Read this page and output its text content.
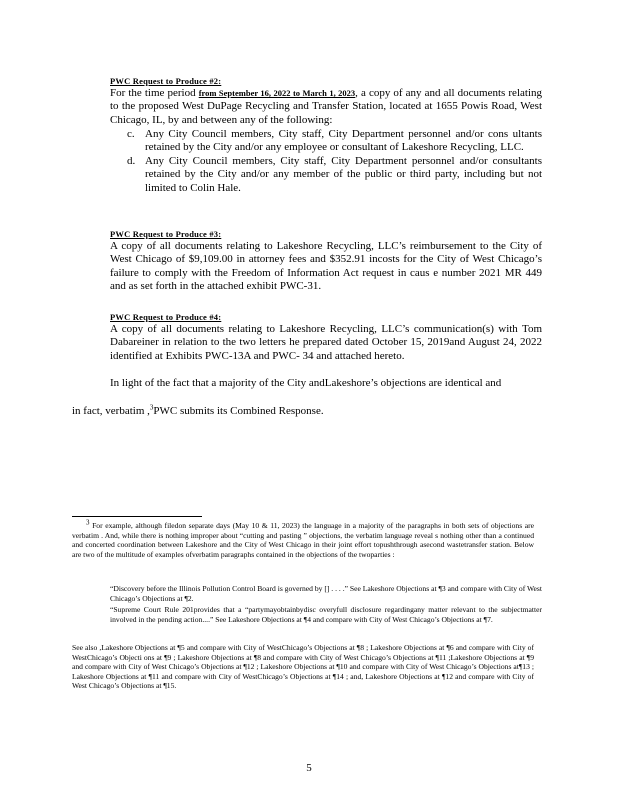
PWC Request to Produce #2:

For the time period from September 16, 2022 to March 1, 2023, a copy of any and all documents relating to the proposed West DuPage Recycling and Transfer Station, located at 1655 Powis Road, West Chicago, IL, by and between any of the following:

c. Any City Council members, City staff, City Department personnel and/or cons ultants retained by the City and/or any employee or consultant of Lakeshore Recycling, LLC.
d. Any City Council members, City staff, City Department personnel and/or consultants retained by the City and/or any member of the public or third party, including but not limited to Colin Hale.
PWC Request to Produce #3:

A copy of all documents relating to Lakeshore Recycling, LLC’s reimbursement to the City of West Chicago of $9,109.00 in attorney fees and $352.91 incosts for the City of West Chicago’s failure to comply with the Freedom of Information Act request in caus e number 2021 MR 449 and as set forth in the attached exhibit PWC-31.

PWC Request to Produce #4:

A copy of all documents relating to Lakeshore Recycling, LLC’s communication(s) with Tom Dabareiner in relation to the two letters he prepared dated October 15, 2019and August 24, 2022 identified at Exhibits PWC-13A and PWC- 34 and attached hereto.

In light of the fact that a majority of the City andLakeshore’s objections are identical and

in fact, verbatim ,$^3$PWC submits its Combined Response.

$^3$ For example, although filedon separate days (May 10 & 11, 2023) the language in a majority of the paragraphs in both sets of objections are verbatim . And, while there is nothing improper about “cutting and pasting ” objections, the verbatim language reveal s nothing other than a continued and concerted coordination between Lakeshore and the City of West Chicago in their joint effort topushthrough asecond wastetransfer station. Below are two of the multitude of examples ofverbatim paragraphs contained in the objections of the twoparties :

“Discovery before the Illinois Pollution Control Board is governed by [] . . . .” See Lakeshore Objections at ¶3 and compare with City of West Chicago’s Objections at ¶2.
“Supreme Court Rule 201provides that a “partymayobtainbydisc overyfull disclosure regardingany matter relevant to the subjectmatter involved in the pending action....” See Lakeshore Objections at ¶4 and compare with City of West Chicago’s Objections at ¶7.

See also ,Lakeshore Objections at ¶5 and compare with City of WestChicago’s Objections at ¶8 ; Lakeshore Objections at ¶6 and compare with City of WestChicago’s Objecti ons at ¶9 ; Lakeshore Objections at ¶8 and compare with City of West Chicago’s Objections at ¶11 ;Lakeshore Objections at ¶9 and compare with City of West Chicago’s Objections at ¶12 ; Lakeshore Objections at ¶10 and compare with City of West Chicago’s Objections at¶13 ; Lakeshore Objections at ¶11 and compare with City of WestChicago’s Objections at ¶14 ; and, Lakeshore Objections at ¶12 and compare with City of West Chicago’s Objections at ¶15.

5
